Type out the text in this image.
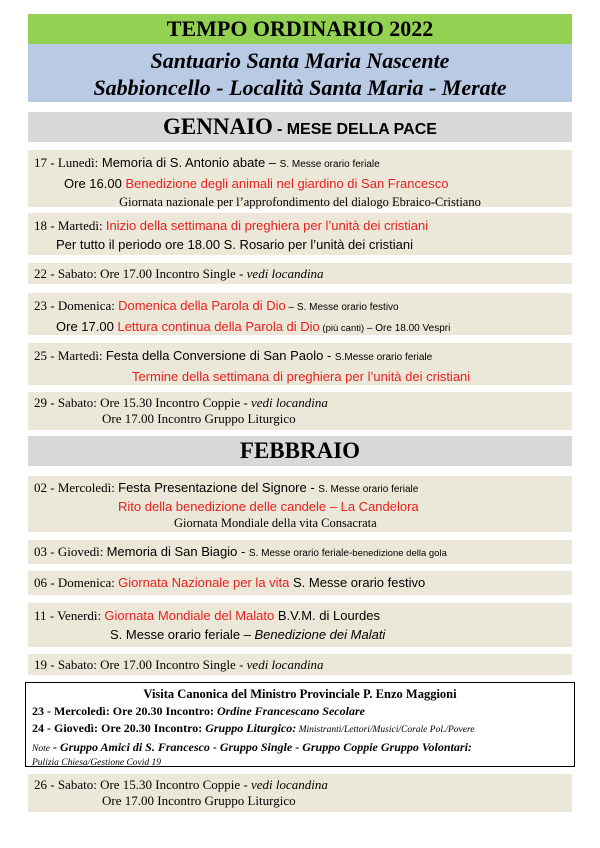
TEMPO ORDINARIO 2022
Santuario Santa Maria Nascente
Sabbioncello - Località Santa Maria - Merate
GENNAIO - MESE DELLA PACE
17 - Lunedì: Memoria di S. Antonio abate – S. Messe orario feriale
Ore 16.00 Benedizione degli animali nel giardino di San Francesco
Giornata nazionale per l’approfondimento del dialogo Ebraico-Cristiano
18 - Martedì: Inizio della settimana di preghiera per l’unità dei cristiani
Per tutto il periodo ore 18.00 S. Rosario per l’unità dei cristiani
22 - Sabato: Ore 17.00 Incontro Single - vedi locandina
23 - Domenica: Domenica della Parola di Dio – S. Messe orario festivo
Ore 17.00 Lettura continua della Parola di Dio (più canti) – Ore 18.00 Vespri
25 - Martedì: Festa della Conversione di San Paolo - S.Messe orario feriale
Termine della settimana di preghiera per l’unità dei cristiani
29 - Sabato: Ore 15.30 Incontro Coppie - vedi locandina
Ore 17.00 Incontro Gruppo Liturgico
FEBBRAIO
02 - Mercoledì: Festa Presentazione del Signore - S. Messe orario feriale
Rito della benedizione delle candele – La Candelora
Giornata Mondiale della vita Consacrata
03 - Giovedì: Memoria di San Biagio - S. Messe orario feriale-benedizione della gola
06 - Domenica: Giornata Nazionale per la vita S. Messe orario festivo
11 - Venerdì: Giornata Mondiale del Malato B.V.M. di Lourdes
S. Messe orario feriale – Benedizione dei Malati
19 - Sabato: Ore 17.00 Incontro Single - vedi locandina
Visita Canonica del Ministro Provinciale P. Enzo Maggioni
23 - Mercoledì: Ore 20.30 Incontro: Ordine Francescano Secolare
24 - Giovedì: Ore 20.30 Incontro: Gruppo Liturgico: Ministranti/Lettori/Musici/Corale Pol./Povere
Note - Gruppo Amici di S. Francesco - Gruppo Single - Gruppo Coppie Gruppo Volontari:
Pulizia Chiesa/Gestione Covid 19
26 - Sabato: Ore 15.30 Incontro Coppie - vedi locandina
Ore 17.00 Incontro Gruppo Liturgico
